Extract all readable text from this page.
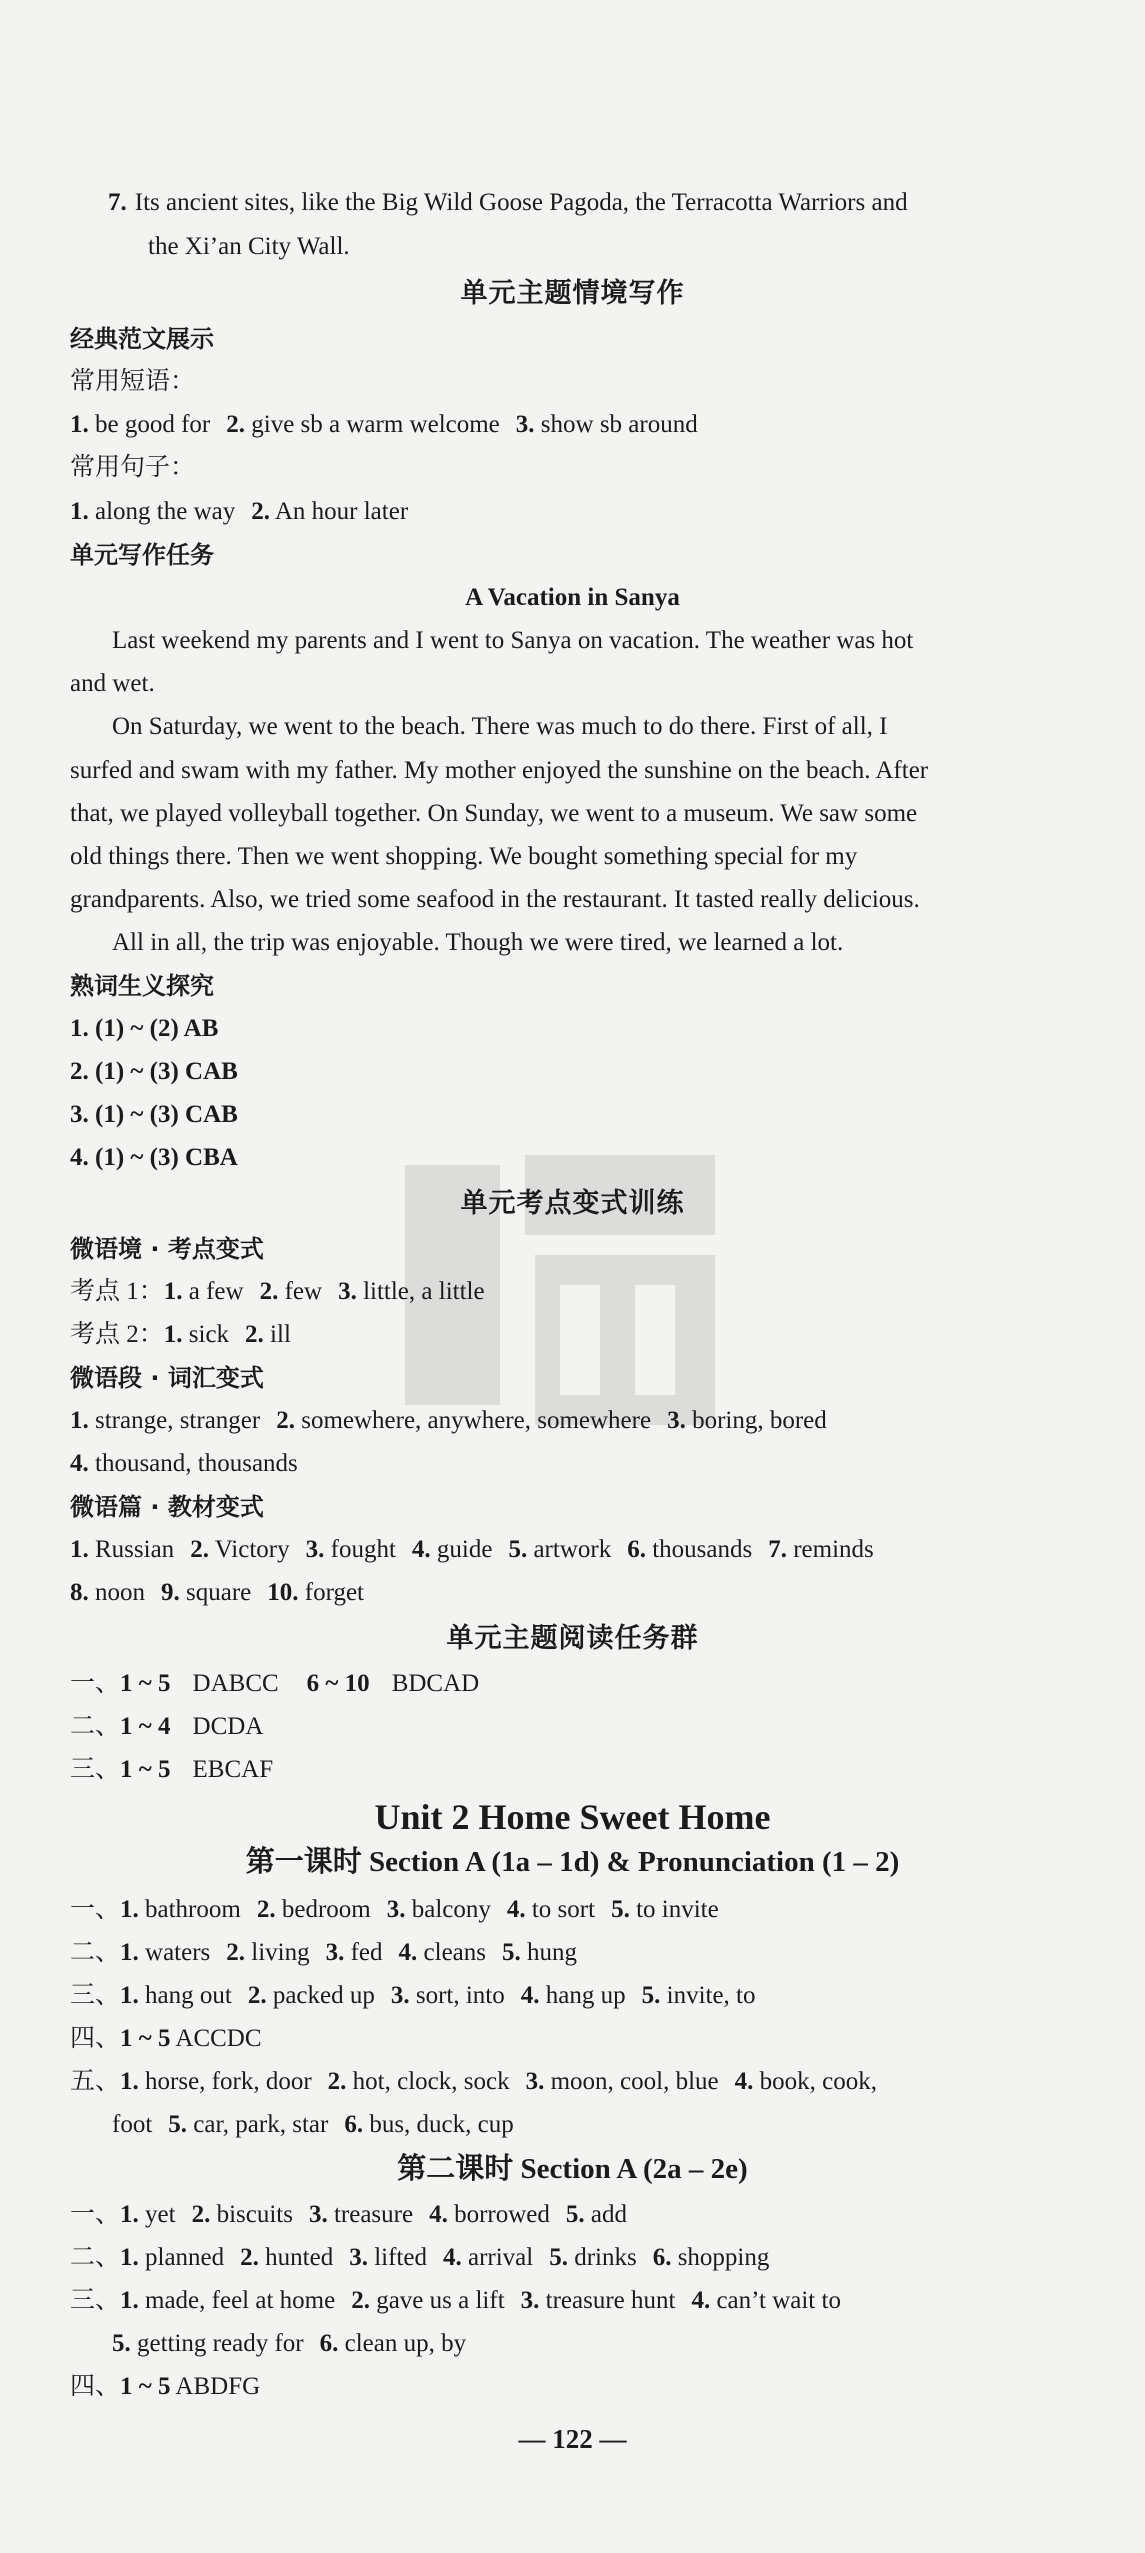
7. Its ancient sites, like the Big Wild Goose Pagoda, the Terracotta Warriors and
the Xi’an City Wall.
单元主题情境写作
经典范文展示
常用短语：
1. be good for 2. give sb a warm welcome 3. show sb around
常用句子：
1. along the way 2. An hour later
单元写作任务
A Vacation in Sanya
Last weekend my parents and I went to Sanya on vacation. The weather was hot
and wet.
On Saturday, we went to the beach. There was much to do there. First of all, I
surfed and swam with my father. My mother enjoyed the sunshine on the beach. After
that, we played volleyball together. On Sunday, we went to a museum. We saw some
old things there. Then we went shopping. We bought something special for my
grandparents. Also, we tried some seafood in the restaurant. It tasted really delicious.
All in all, the trip was enjoyable. Though we were tired, we learned a lot.
熟词生义探究
1. (1) ~ (2) AB
2. (1) ~ (3) CAB
3. (1) ~ (3) CAB
4. (1) ~ (3) CBA
单元考点变式训练
微语境 · 考点变式
考点 1：1. a few 2. few 3. little, a little
考点 2：1. sick 2. ill
微语段 · 词汇变式
1. strange, stranger 2. somewhere, anywhere, somewhere 3. boring, bored
4. thousand, thousands
微语篇 · 教材变式
1. Russian 2. Victory 3. fought 4. guide 5. artwork 6. thousands 7. reminds
8. noon 9. square 10. forget
单元主题阅读任务群
一、1 ~ 5 DABCC 6 ~ 10 BDCAD
二、1 ~ 4 DCDA
三、1 ~ 5 EBCAF
Unit 2 Home Sweet Home
第一课时 Section A (1a – 1d) & Pronunciation (1 – 2)
一、1. bathroom 2. bedroom 3. balcony 4. to sort 5. to invite
二、1. waters 2. living 3. fed 4. cleans 5. hung
三、1. hang out 2. packed up 3. sort, into 4. hang up 5. invite, to
四、1 ~ 5 ACCDC
五、1. horse, fork, door 2. hot, clock, sock 3. moon, cool, blue 4. book, cook,
foot 5. car, park, star 6. bus, duck, cup
第二课时 Section A (2a – 2e)
一、1. yet 2. biscuits 3. treasure 4. borrowed 5. add
二、1. planned 2. hunted 3. lifted 4. arrival 5. drinks 6. shopping
三、1. made, feel at home 2. gave us a lift 3. treasure hunt 4. can’t wait to
5. getting ready for 6. clean up, by
四、1 ~ 5 ABDFG
— 122 —
